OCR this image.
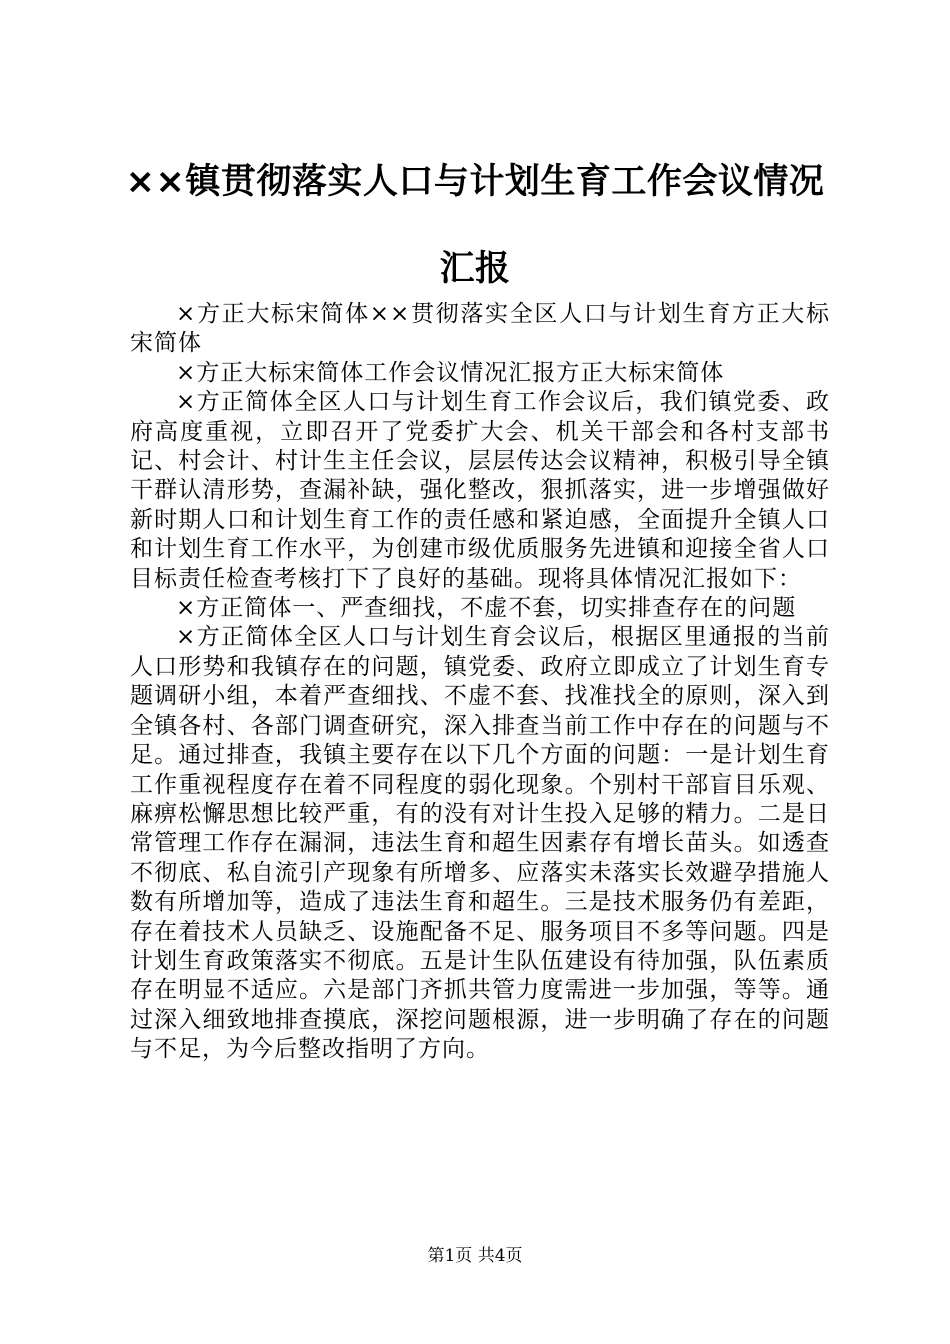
××镇贯彻落实人口与计划生育工作会议情况
汇报

×方正大标宋简体××贯彻落实全区人口与计划生育方正大标宋简体

×方正大标宋简体工作会议情况汇报方正大标宋简体

×方正简体全区人口与计划生育工作会议后，我们镇党委、政府高度重视，立即召开了党委扩大会、机关干部会和各村支部书记、村会计、村计生主任会议，层层传达会议精神，积极引导全镇干群认清形势，查漏补缺，强化整改，狠抓落实，进一步增强做好新时期人口和计划生育工作的责任感和紧迫感，全面提升全镇人口和计划生育工作水平，为创建市级优质服务先进镇和迎接全省人口目标责任检查考核打下了良好的基础。现将具体情况汇报如下：

×方正简体一、严查细找，不虚不套，切实排查存在的问题

×方正简体全区人口与计划生育会议后，根据区里通报的当前人口形势和我镇存在的问题，镇党委、政府立即成立了计划生育专题调研小组，本着严查细找、不虚不套、找准找全的原则，深入到全镇各村、各部门调查研究，深入排查当前工作中存在的问题与不足。通过排查，我镇主要存在以下几个方面的问题：一是计划生育工作重视程度存在着不同程度的弱化现象。个别村干部盲目乐观、麻痹松懈思想比较严重，有的没有对计生投入足够的精力。二是日常管理工作存在漏洞，违法生育和超生因素存有增长苗头。如透查不彻底、私自流引产现象有所增多、应落实未落实长效避孕措施人数有所增加等，造成了违法生育和超生。三是技术服务仍有差距，存在着技术人员缺乏、设施配备不足、服务项目不多等问题。四是计划生育政策落实不彻底。五是计生队伍建设有待加强，队伍素质存在明显不适应。六是部门齐抓共管力度需进一步加强，等等。通过深入细致地排查摸底，深挖问题根源，进一步明确了存在的问题与不足，为今后整改指明了方向。

第1页 共4页
